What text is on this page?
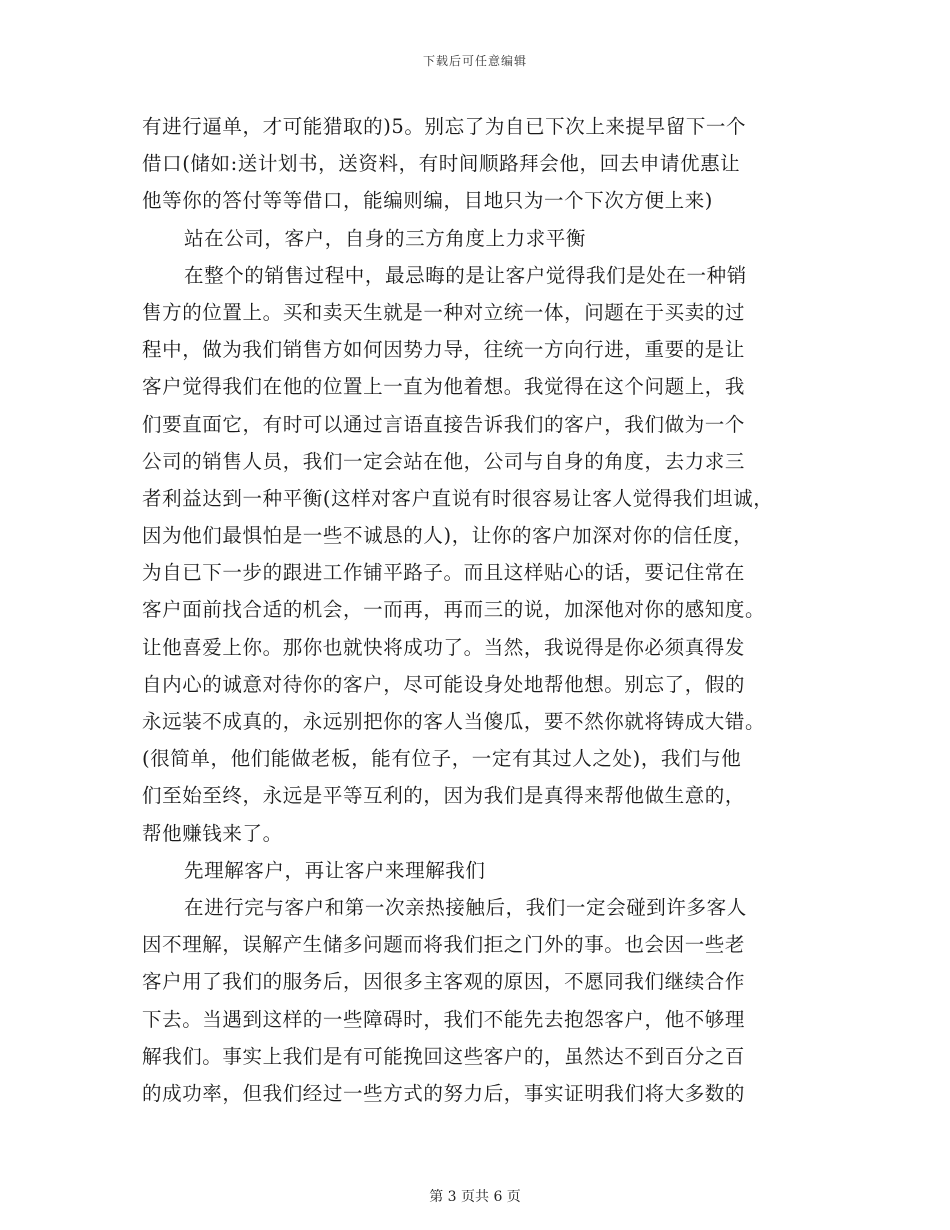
下载后可任意编辑
有进行逼单，才可能猎取的)5。别忘了为自已下次上来提早留下一个
借口(储如:送计划书，送资料，有时间顺路拜会他，回去申请优惠让
他等你的答付等等借口，能编则编，目地只为一个下次方便上来)
站在公司，客户，自身的三方角度上力求平衡
在整个的销售过程中，最忌晦的是让客户觉得我们是处在一种销
售方的位置上。买和卖天生就是一种对立统一体，问题在于买卖的过
程中，做为我们销售方如何因势力导，往统一方向行进，重要的是让
客户觉得我们在他的位置上一直为他着想。我觉得在这个问题上，我
们要直面它，有时可以通过言语直接告诉我们的客户，我们做为一个
公司的销售人员，我们一定会站在他，公司与自身的角度，去力求三
者利益达到一种平衡(这样对客户直说有时很容易让客人觉得我们坦诚，
因为他们最惧怕是一些不诚恳的人)，让你的客户加深对你的信任度，
为自已下一步的跟进工作铺平路子。而且这样贴心的话，要记住常在
客户面前找合适的机会，一而再，再而三的说，加深他对你的感知度。
让他喜爱上你。那你也就快将成功了。当然，我说得是你必须真得发
自内心的诚意对待你的客户，尽可能设身处地帮他想。别忘了，假的
永远装不成真的，永远别把你的客人当傻瓜，要不然你就将铸成大错。
(很简单，他们能做老板，能有位子，一定有其过人之处)，我们与他
们至始至终，永远是平等互利的，因为我们是真得来帮他做生意的，
帮他赚钱来了。
先理解客户，再让客户来理解我们
在进行完与客户和第一次亲热接触后，我们一定会碰到许多客人
因不理解，误解产生储多问题而将我们拒之门外的事。也会因一些老
客户用了我们的服务后，因很多主客观的原因，不愿同我们继续合作
下去。当遇到这样的一些障碍时，我们不能先去抱怨客户，他不够理
解我们。事实上我们是有可能挽回这些客户的，虽然达不到百分之百
的成功率，但我们经过一些方式的努力后，事实证明我们将大多数的
第 3 页共 6 页
